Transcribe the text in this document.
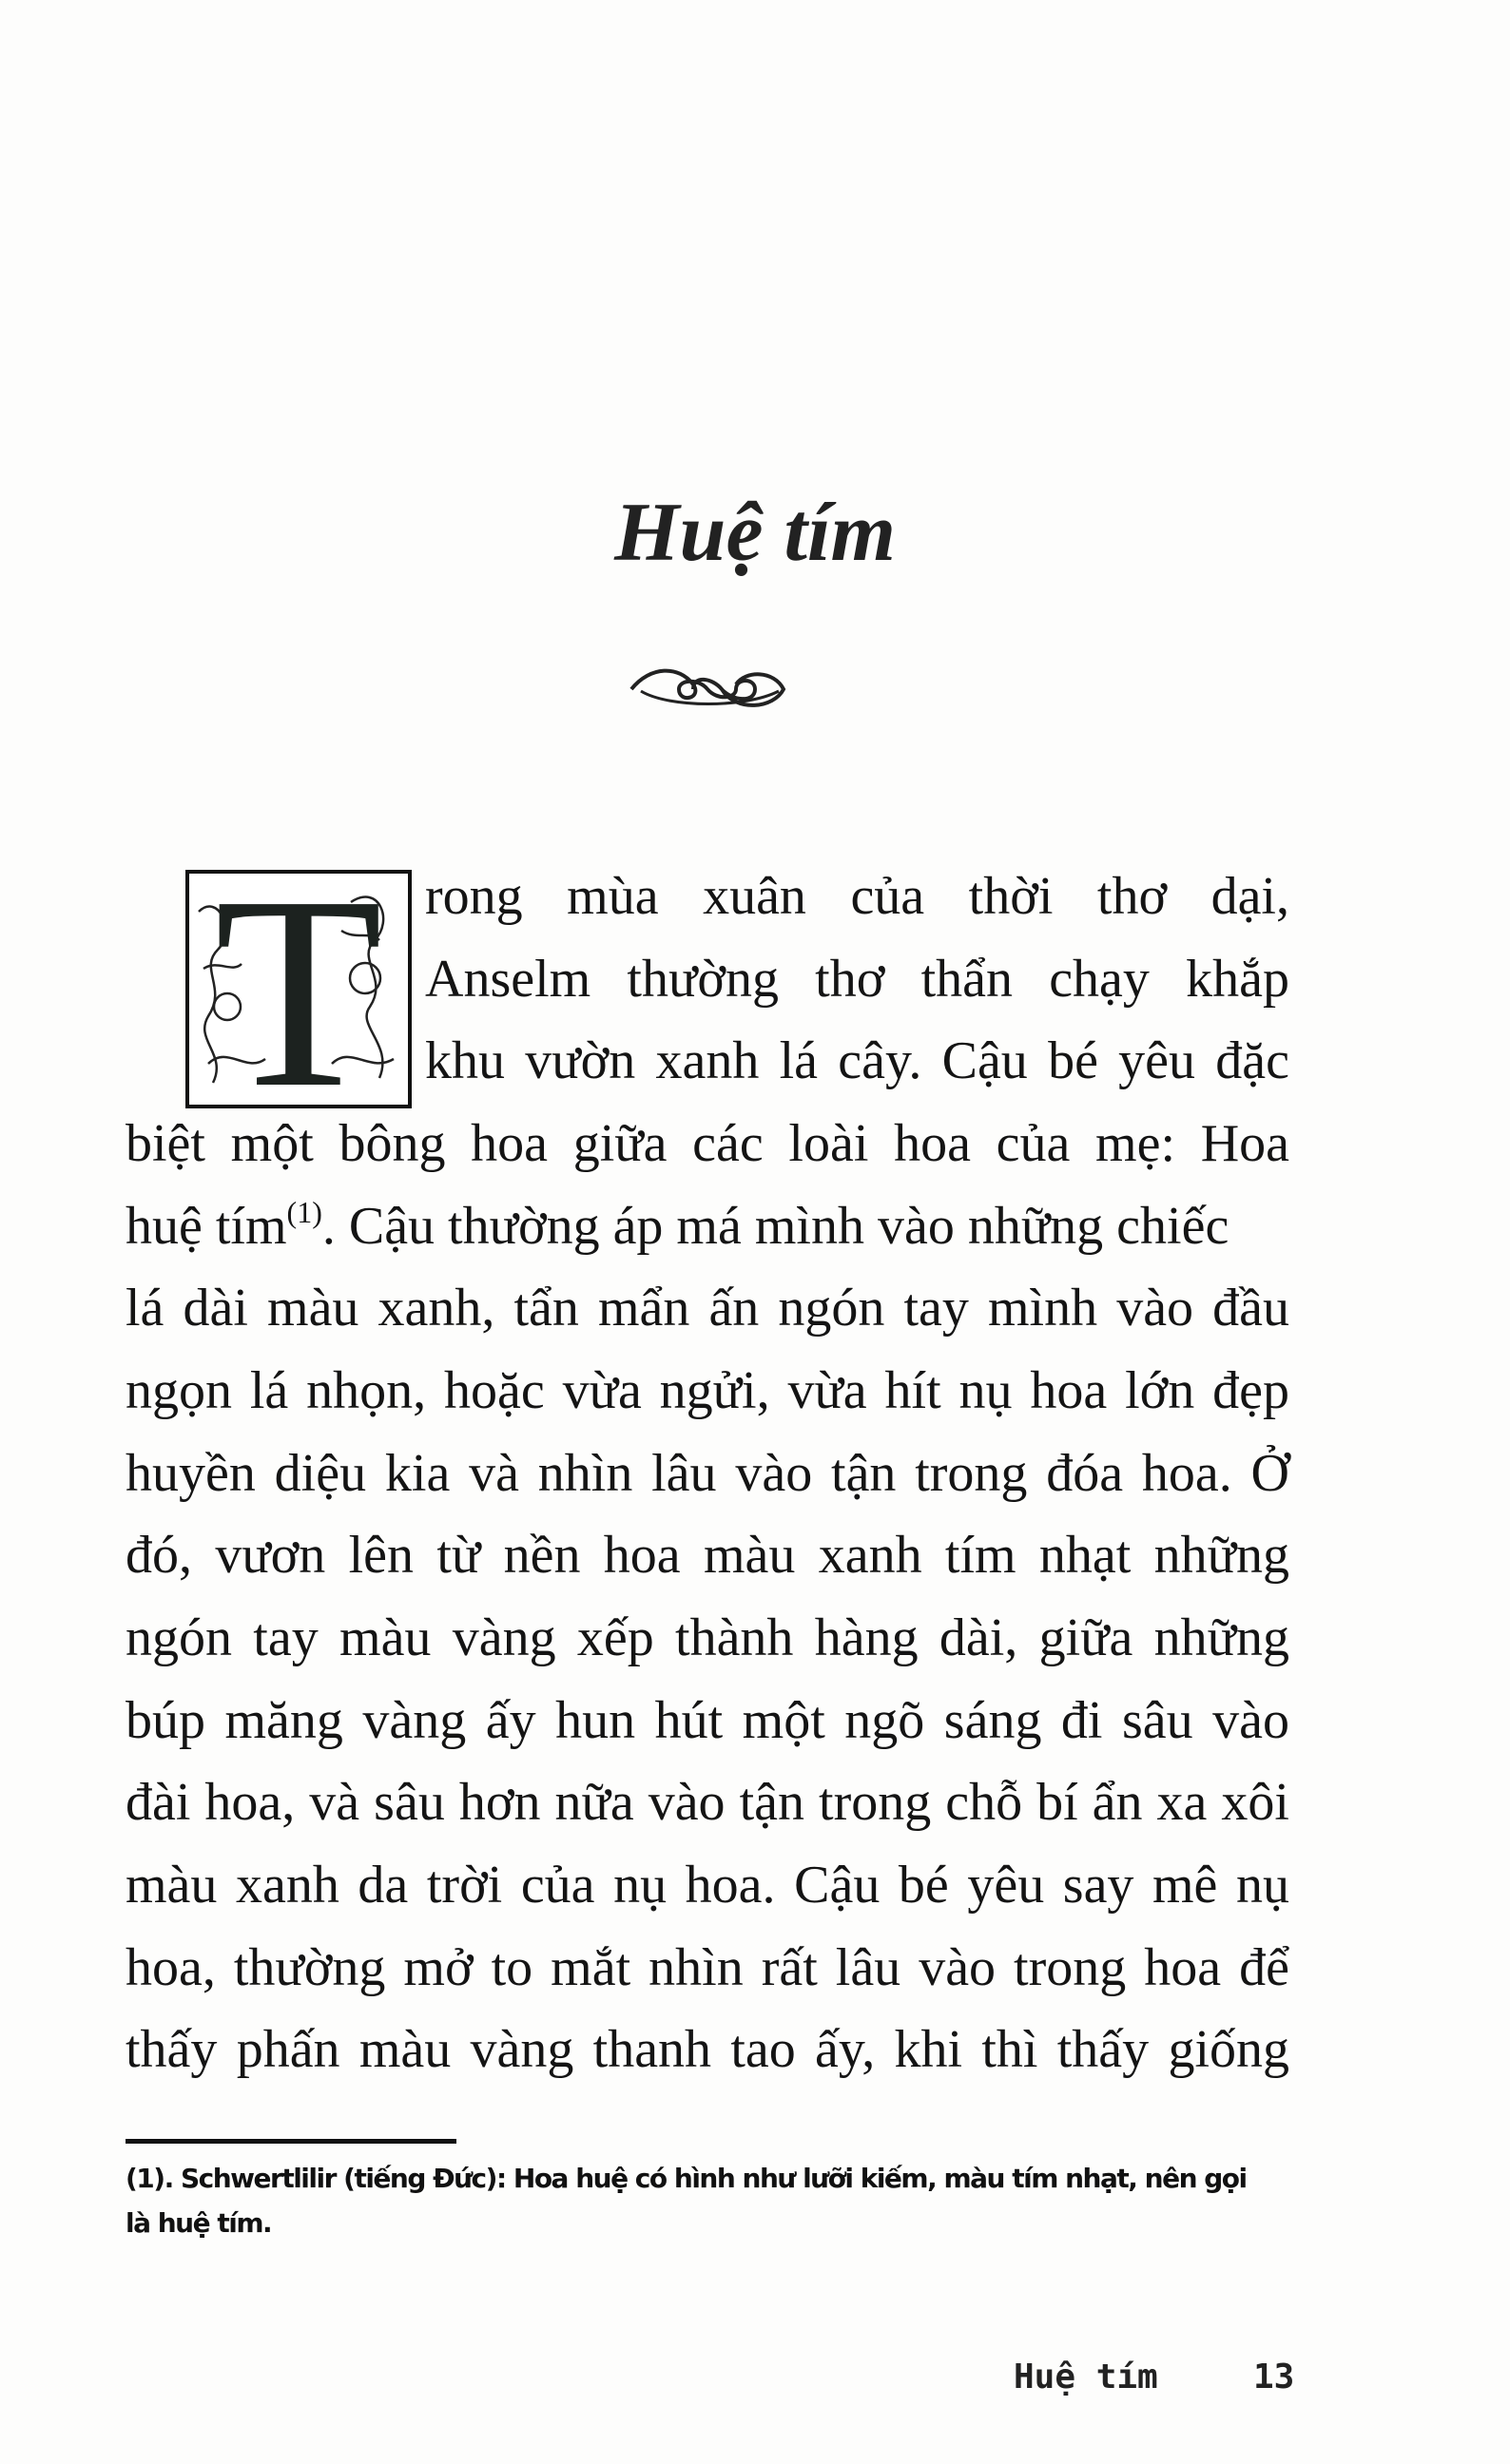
Huệ tím
T rong mùa xuân của thời thơ dại,
Anselm thường thơ thẩn chạy khắp
khu vườn xanh lá cây. Cậu bé yêu đặc
biệt một bông hoa giữa các loài hoa của mẹ: Hoa
huệ tím$^{(1)}$. Cậu thường áp má mình vào những chiếc
lá dài màu xanh, tẩn mẩn ấn ngón tay mình vào đầu
ngọn lá nhọn, hoặc vừa ngửi, vừa hít nụ hoa lớn đẹp
huyền diệu kia và nhìn lâu vào tận trong đóa hoa. Ở
đó, vươn lên từ nền hoa màu xanh tím nhạt những
ngón tay màu vàng xếp thành hàng dài, giữa những
búp măng vàng ấy hun hút một ngõ sáng đi sâu vào
đài hoa, và sâu hơn nữa vào tận trong chỗ bí ẩn xa xôi
màu xanh da trời của nụ hoa. Cậu bé yêu say mê nụ
hoa, thường mở to mắt nhìn rất lâu vào trong hoa để
thấy phấn màu vàng thanh tao ấy, khi thì thấy giống
(1). Schwertlilir (tiếng Đức): Hoa huệ có hình như lưỡi kiếm, màu tím nhạt, nên gọi
là huệ tím.
Huệ tím	13
